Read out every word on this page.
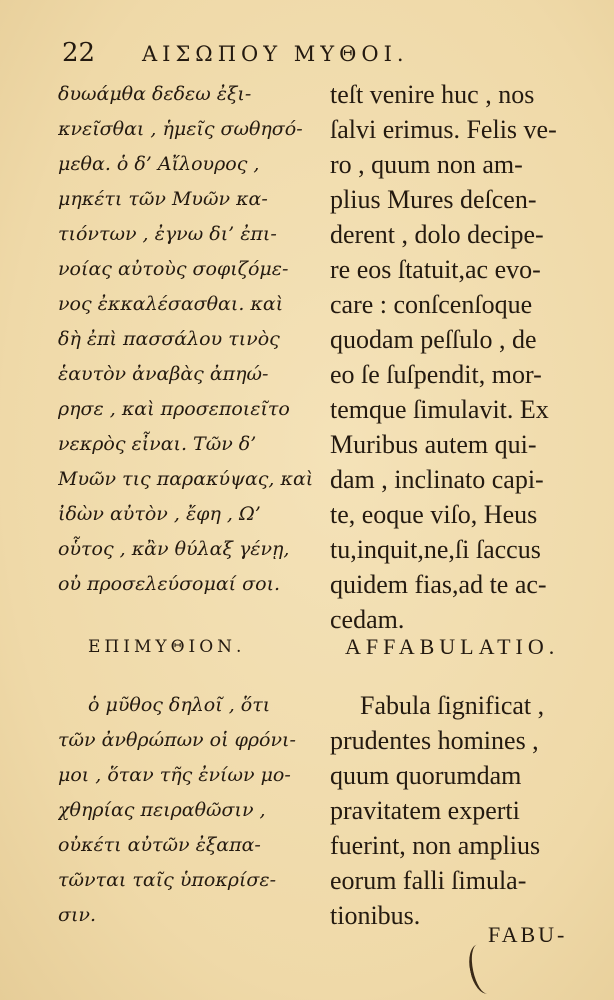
22	ΑΙΣΩΠΟΥ ΜΥΘΟΙ.
δυωάμθα δεδεω ἐξι-
κνεῖσθαι , ἡμεῖς σωθησό-
μεθα. ὁ δ’ Αἴλουρος ,
μηκέτι τῶν Μυῶν κα-
τιόντων , ἐγνω δι’ ἐπι-
νοίας αὐτοὺς σοφιζόμε-
νος ἐκκαλέσασθαι. καὶ
δὴ ἐπὶ πασσάλου τινὸς
ἑαυτὸν ἀναβὰς ἀπηώ-
ρησε , καὶ προσεποιεῖτο
νεκρὸς εἶναι. Τῶν δ’
Μυῶν τις παρακύψας, καὶ
ἰδὼν αὐτὸν , ἔφη , Ω’
οὗτος , κἂν θύλαξ γένῃ,
οὐ προσελεύσομαί σοι.
teſt venire huc , nos
ſalvi erimus. Felis ve-
ro , quum non am-
plius Mures deſcen-
derent , dolo decipe-
re eos ſtatuit,ac evo-
care : conſcenſoque
quodam peſſulo , de
eo ſe ſuſpendit, mor-
temque ſimulavit. Ex
Muribus autem qui-
dam , inclinato capi-
te, eoque viſo, Heus
tu,inquit,ne,ſi ſaccus
quidem fias,ad te ac-
cedam.
ΕΠΙΜΥΘΙΟΝ.	AFFABULATIO.
ὁ μῦθος δηλοῖ , ὅτι
τῶν ἀνθρώπων οἱ φρόνι-
μοι , ὅταν τῆς ἐνίων μο-
χθηρίας πειραθῶσιν ,
οὐκέτι αὐτῶν ἐξαπα-
τῶνται ταῖς ὑποκρίσε-
σιν.
Fabula ſignificat ,
prudentes homines ,
quum quorumdam
pravitatem experti
fuerint, non amplius
eorum falli ſimula-
tionibus.
FABU-
